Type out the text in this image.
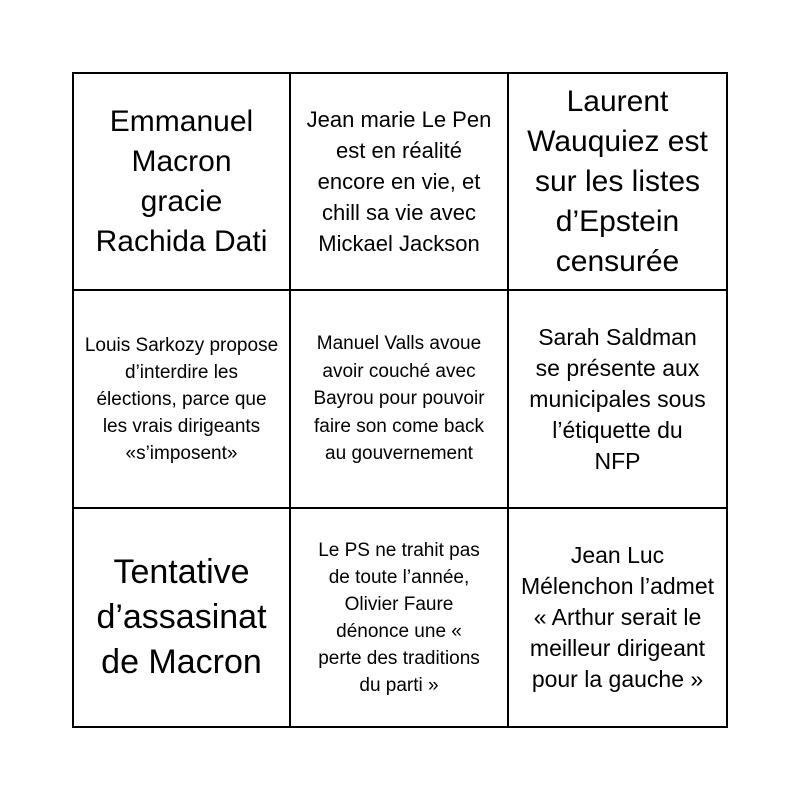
Emmanuel Macron gracie Rachida Dati
Jean marie Le Pen est en réalité encore en vie, et chill sa vie avec Mickael Jackson
Laurent Wauquiez est sur les listes d’Epstein censurée
Louis Sarkozy propose d’interdire les élections, parce que les vrais dirigeants «s’imposent»
Manuel Valls avoue avoir couché avec Bayrou pour pouvoir faire son come back au gouvernement
Sarah Saldman se présente aux municipales sous l’étiquette du NFP
Tentative d’assasinat de Macron
Le PS ne trahit pas de toute l’année, Olivier Faure dénonce une « perte des traditions du parti »
Jean Luc Mélenchon l’admet « Arthur serait le meilleur dirigeant pour la gauche »
